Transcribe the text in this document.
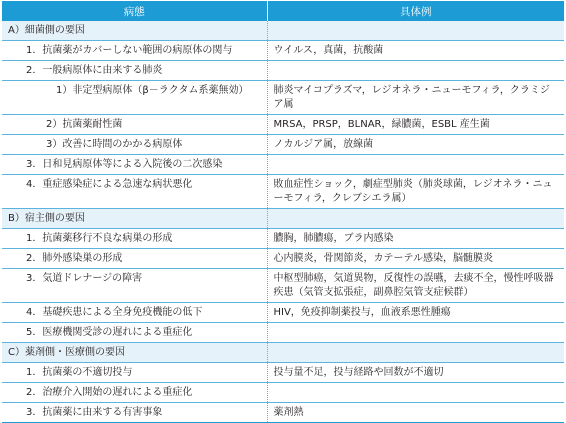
病態	具体例
A）細菌側の要因	
1．抗菌薬がカバーしない範囲の病原体の関与	ウイルス，真菌，抗酸菌
2．一般病原体に由来する肺炎	
1）非定型病原体（β－ラクタム系薬無効）	肺炎マイコプラズマ，レジオネラ・ニューモフィラ，クラミジア属
2）抗菌薬耐性菌	MRSA，PRSP，BLNAR，緑膿菌，ESBL 産生菌
3）改善に時間のかかる病原体	ノカルジア属，放線菌
3．日和見病原体等による入院後の二次感染	
4．重症感染症による急速な病状悪化	敗血症性ショック，劇症型肺炎（肺炎球菌，レジオネラ・ニューモフィラ，クレブシエラ属）
B）宿主側の要因	
1．抗菌薬移行不良な病巣の形成	膿胸，肺膿瘍，ブラ内感染
2．肺外感染巣の形成	心内膜炎，骨関節炎，カテーテル感染，脳髄膜炎
3．気道ドレナージの障害	中枢型肺癌，気道異物，反復性の誤嚥，去痰不全，慢性呼吸器疾患（気管支拡張症，副鼻腔気管支症候群）
4．基礎疾患による全身免疫機能の低下	HIV，免疫抑制薬投与，血液系悪性腫瘍
5．医療機関受診の遅れによる重症化	
C）薬剤側・医療側の要因	
1．抗菌薬の不適切投与	投与量不足，投与経路や回数が不適切
2．治療介入開始の遅れによる重症化	
3．抗菌薬に由来する有害事象	薬剤熱
